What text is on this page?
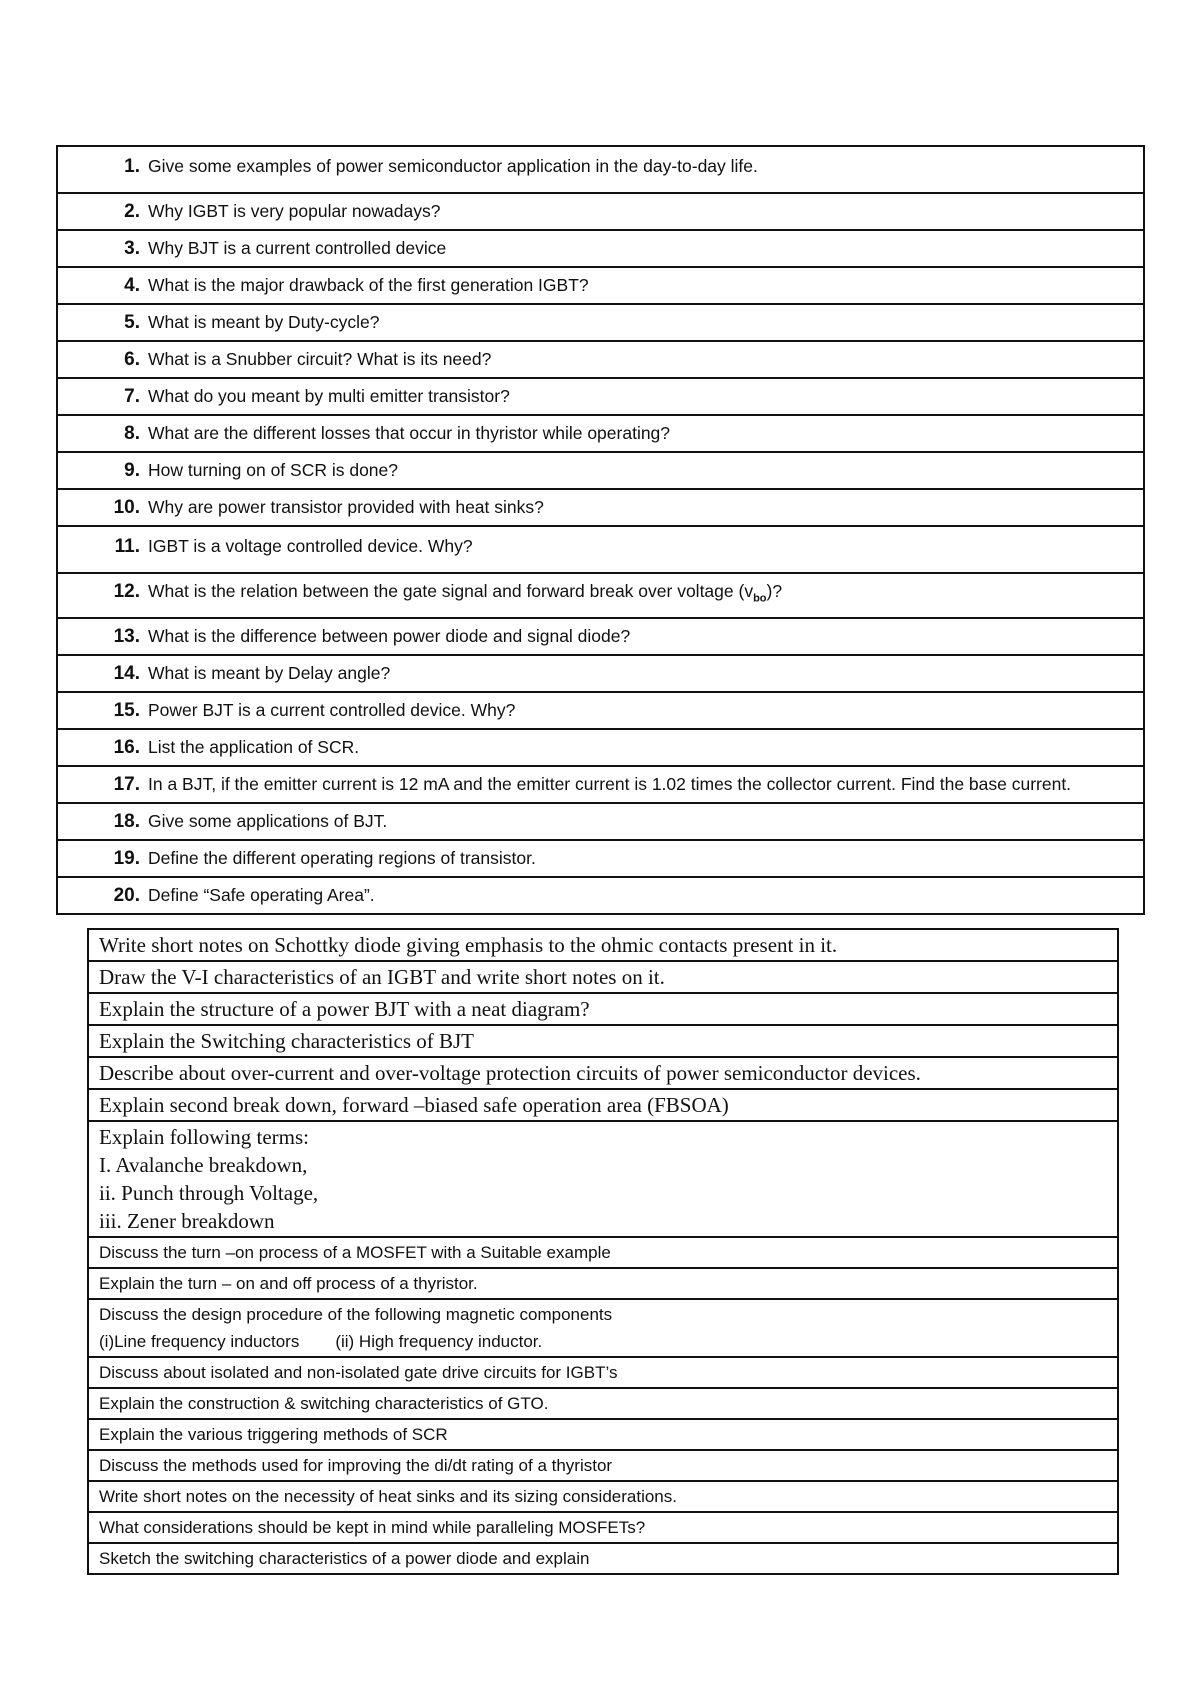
1. Give some examples of power semiconductor application in the day-to-day life.
2. Why IGBT is very popular nowadays?
3. Why BJT is a current controlled device
4. What is the major drawback of the first generation IGBT?
5. What is meant by Duty-cycle?
6. What is a Snubber circuit? What is its need?
7. What do you meant by multi emitter transistor?
8. What are the different losses that occur in thyristor while operating?
9. How turning on of SCR is done?
10. Why are power transistor provided with heat sinks?
11. IGBT is a voltage controlled device. Why?
12. What is the relation between the gate signal and forward break over voltage $(v_{bo})$?
13. What is the difference between power diode and signal diode?
14. What is meant by Delay angle?
15. Power BJT is a current controlled device. Why?
16. List the application of SCR.
17. In a BJT, if the emitter current is 12 mA and the emitter current is 1.02 times the collector current. Find the base current.
18. Give some applications of BJT.
19. Define the different operating regions of transistor.
20. Define “Safe operating Area”.
Write short notes on Schottky diode giving emphasis to the ohmic contacts present in it.
Draw the V-I characteristics of an IGBT and write short notes on it.
Explain the structure of a power BJT with a neat diagram?
Explain the Switching characteristics of BJT
Describe about over-current and over-voltage protection circuits of power semiconductor devices.
Explain second break down, forward –biased safe operation area (FBSOA)

Explain following terms:
I. Avalanche breakdown,
ii. Punch through Voltage,
iii. Zener breakdown

Discuss the turn –on process of a MOSFET with a Suitable example
Explain the turn – on and off process of a thyristor.

Discuss the design procedure of the following magnetic components
(i)Line frequency inductors (ii) High frequency inductor.

Discuss about isolated and non-isolated gate drive circuits for IGBT’s
Explain the construction & switching characteristics of GTO.
Explain the various triggering methods of SCR
Discuss the methods used for improving the di/dt rating of a thyristor
Write short notes on the necessity of heat sinks and its sizing considerations.
What considerations should be kept in mind while paralleling MOSFETs?
Sketch the switching characteristics of a power diode and explain
